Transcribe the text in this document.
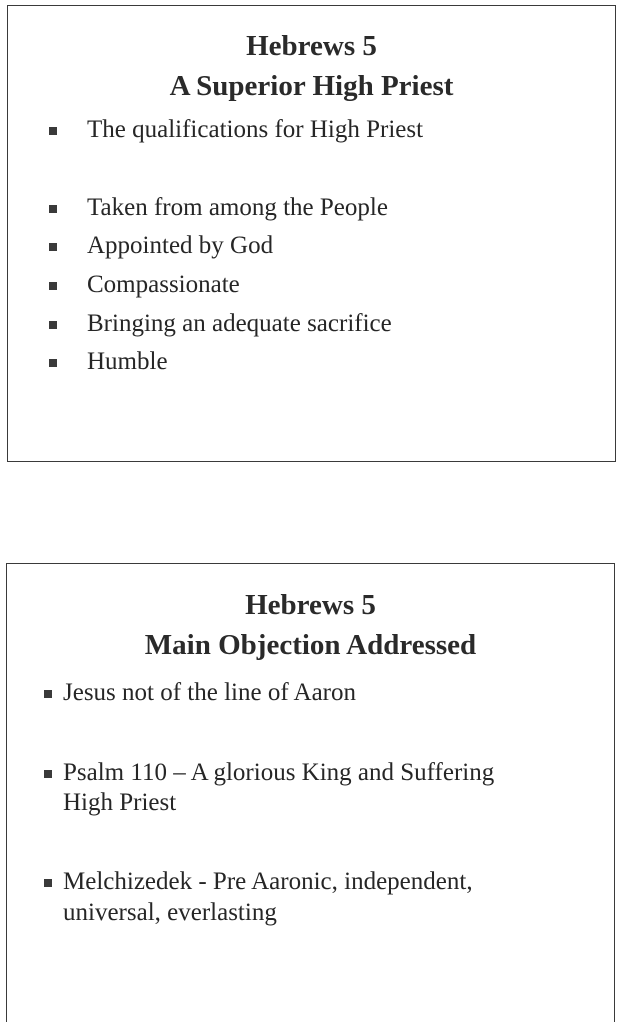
Hebrews 5
A Superior High Priest
The qualifications for High Priest
Taken from among the People
Appointed by God
Compassionate
Bringing an adequate sacrifice
Humble
Hebrews 5
Main Objection Addressed
Jesus not of the line of Aaron
Psalm 110 – A glorious King and Suffering
High Priest
Melchizedek - Pre Aaronic, independent,
universal, everlasting
